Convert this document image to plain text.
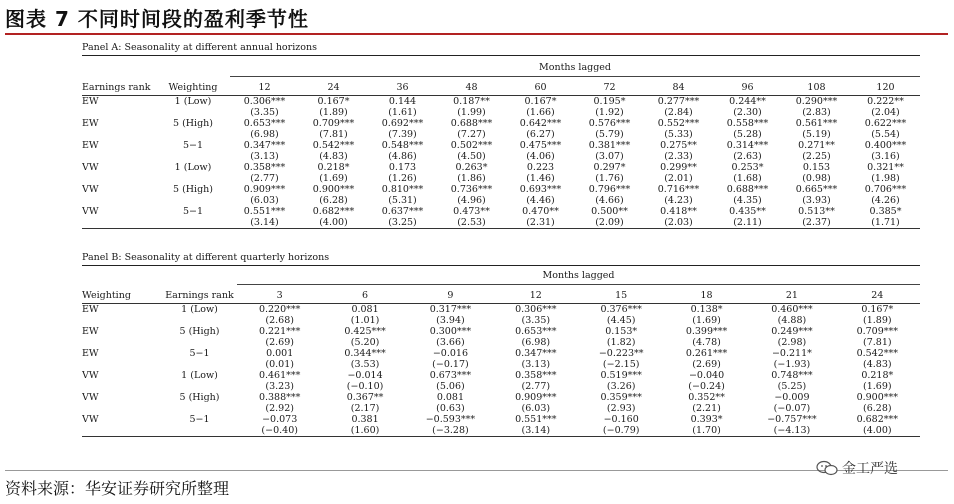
图表 7 不同时间段的盈利季节性
Panel A: Seasonality at different annual horizons
Months lagged
Earnings rank	Weighting	12	24	36	48	60	72	84	96	108	120

EW	1 (Low)	0.306***	0.167*	0.144	0.187**	0.167*	0.195*	0.277***	0.244**	0.290***	0.222**
		(3.35)	(1.89)	(1.61)	(1.99)	(1.66)	(1.92)	(2.84)	(2.30)	(2.83)	(2.04)
EW	5 (High)	0.653***	0.709***	0.692***	0.688***	0.642***	0.576***	0.552***	0.558***	0.561***	0.622***
		(6.98)	(7.81)	(7.39)	(7.27)	(6.27)	(5.79)	(5.33)	(5.28)	(5.19)	(5.54)
EW	5−1	0.347***	0.542***	0.548***	0.502***	0.475***	0.381***	0.275**	0.314***	0.271**	0.400***
		(3.13)	(4.83)	(4.86)	(4.50)	(4.06)	(3.07)	(2.33)	(2.63)	(2.25)	(3.16)
VW	1 (Low)	0.358***	0.218*	0.173	0.263*	0.223	0.297*	0.299**	0.253*	0.153	0.321**
		(2.77)	(1.69)	(1.26)	(1.86)	(1.46)	(1.76)	(2.01)	(1.68)	(0.98)	(1.98)
VW	5 (High)	0.909***	0.900***	0.810***	0.736***	0.693***	0.796***	0.716***	0.688***	0.665***	0.706***
		(6.03)	(6.28)	(5.31)	(4.96)	(4.46)	(4.66)	(4.23)	(4.35)	(3.93)	(4.26)
VW	5−1	0.551***	0.682***	0.637***	0.473**	0.470**	0.500**	0.418**	0.435**	0.513**	0.385*
		(3.14)	(4.00)	(3.25)	(2.53)	(2.31)	(2.09)	(2.03)	(2.11)	(2.37)	(1.71)

Panel B: Seasonality at different quarterly horizons
Months lagged
Weighting	Earnings rank	3	6	9	12	15	18	21	24

EW	1 (Low)	0.220***	0.081	0.317***	0.306***	0.376***	0.138*	0.460***	0.167*
		(2.68)	(1.01)	(3.94)	(3.35)	(4.45)	(1.69)	(4.88)	(1.89)
EW	5 (High)	0.221***	0.425***	0.300***	0.653***	0.153*	0.399***	0.249***	0.709***
		(2.69)	(5.20)	(3.66)	(6.98)	(1.82)	(4.78)	(2.98)	(7.81)
EW	5−1	0.001	0.344***	−0.016	0.347***	−0.223**	0.261***	−0.211*	0.542***
		(0.01)	(3.53)	(−0.17)	(3.13)	(−2.15)	(2.69)	(−1.93)	(4.83)
VW	1 (Low)	0.461***	−0.014	0.673***	0.358***	0.519***	−0.040	0.748***	0.218*
		(3.23)	(−0.10)	(5.06)	(2.77)	(3.26)	(−0.24)	(5.25)	(1.69)
VW	5 (High)	0.388***	0.367**	0.081	0.909***	0.359***	0.352**	−0.009	0.900***
		(2.92)	(2.17)	(0.63)	(6.03)	(2.93)	(2.21)	(−0.07)	(6.28)
VW	5−1	−0.073	0.381	−0.593***	0.551***	−0.160	0.393*	−0.757***	0.682***
		(−0.40)	(1.60)	(−3.28)	(3.14)	(−0.79)	(1.70)	(−4.13)	(4.00)

资料来源：华安证券研究所整理
金工严选
